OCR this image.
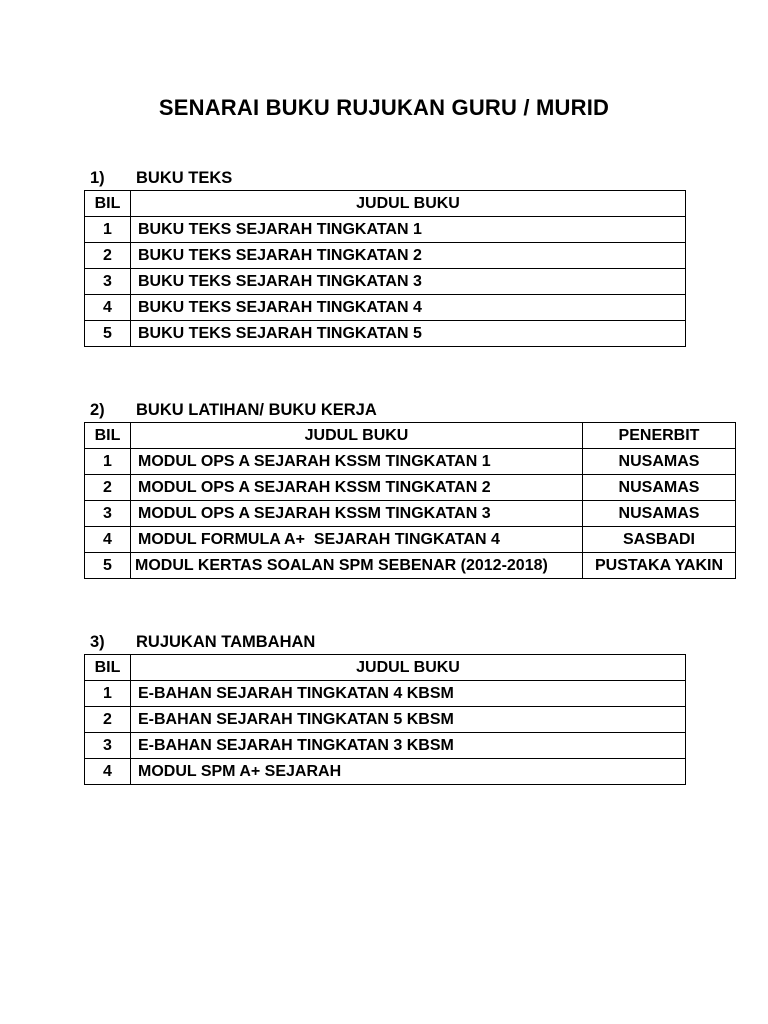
SENARAI BUKU RUJUKAN GURU / MURID
1) BUKU TEKS
BIL	JUDUL BUKU
1	BUKU TEKS SEJARAH TINGKATAN 1
2	BUKU TEKS SEJARAH TINGKATAN 2
3	BUKU TEKS SEJARAH TINGKATAN 3
4	BUKU TEKS SEJARAH TINGKATAN 4
5	BUKU TEKS SEJARAH TINGKATAN 5
2) BUKU LATIHAN/ BUKU KERJA
BIL	JUDUL BUKU	PENERBIT
1	MODUL OPS A SEJARAH KSSM TINGKATAN 1	NUSAMAS
2	MODUL OPS A SEJARAH KSSM TINGKATAN 2	NUSAMAS
3	MODUL OPS A SEJARAH KSSM TINGKATAN 3	NUSAMAS
4	MODUL FORMULA A+  SEJARAH TINGKATAN 4	SASBADI
5	MODUL KERTAS SOALAN SPM SEBENAR (2012-2018)	PUSTAKA YAKIN
3) RUJUKAN TAMBAHAN
BIL	JUDUL BUKU
1	E-BAHAN SEJARAH TINGKATAN 4 KBSM
2	E-BAHAN SEJARAH TINGKATAN 5 KBSM
3	E-BAHAN SEJARAH TINGKATAN 3 KBSM
4	MODUL SPM A+ SEJARAH
